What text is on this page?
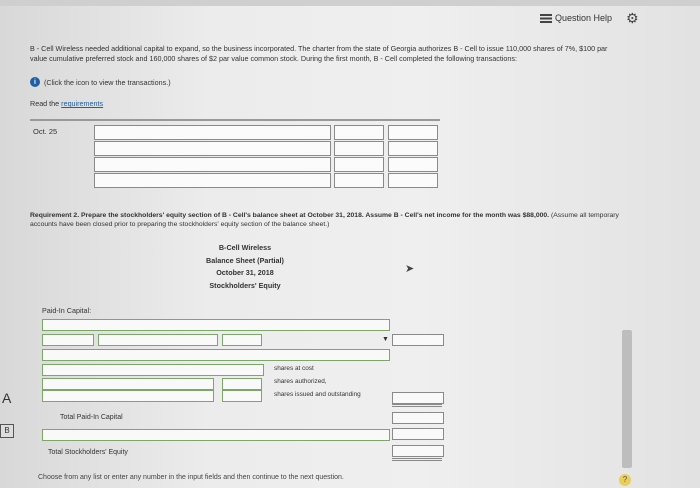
Question Help ⚙
B - Cell Wireless needed additional capital to expand, so the business incorporated. The charter from the state of Georgia authorizes B - Cell to issue 110,000 shares of 7%, $100 par value cumulative preferred stock and 160,000 shares of $2 par value common stock. During the first month, B - Cell completed the following transactions:
i	(Click the icon to view the transactions.)
Read the requirements
Oct. 25
Requirement 2. Prepare the stockholders' equity section of B - Cell's balance sheet at October 31, 2018. Assume B - Cell's net income for the month was $88,000. (Assume all temporary accounts have been closed prior to preparing the stockholders' equity section of the balance sheet.)
B-Cell Wireless
Balance Sheet (Partial)
October 31, 2018
Stockholders' Equity
➤
Paid-In Capital:
▼
shares at cost
shares authorized,
shares issued and outstanding
Total Paid-In Capital
Total Stockholders' Equity
Choose from any list or enter any number in the input fields and then continue to the next question.	?
A
B
